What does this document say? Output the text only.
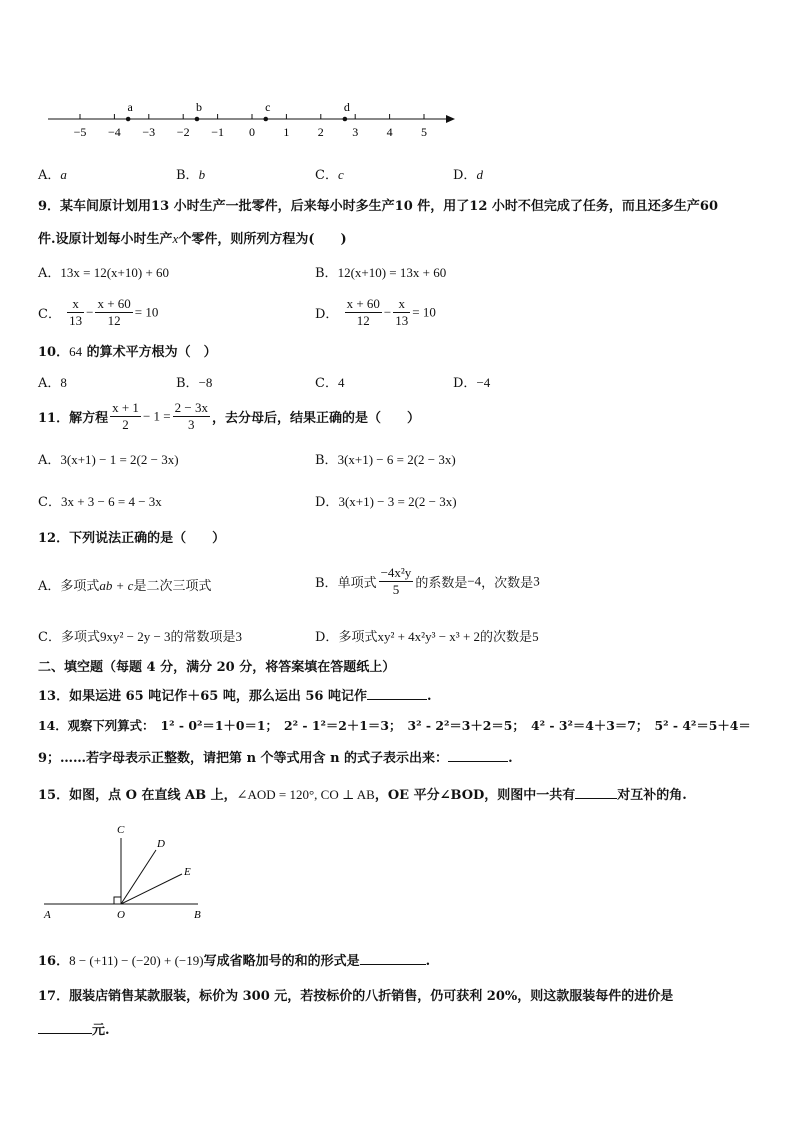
−5 −4 −3 −2 −1 0 1 2 3 4 5
a	b	c	d
A．a	B．b	C．c	D．d
9．某车间原计划用13 小时生产一批零件，后来每小时多生产10 件，用了12 小时不但完成了任务，而且还多生产60
件.设原计划每小时生产x个零件，则所列方程为(　　)
A．13x = 12(x+10) + 60	B．12(x+10) = 13x + 60
C． $\frac{x}{13} - \frac{x + 60}{12} = 10$	D． $\frac{x + 60}{12} - \frac{x}{13} = 10$
10．64 的算术平方根为（　）
A．8	B．−8	C．4	D．−4
11．解方程 $\frac{x + 1}{2} - 1 = \frac{2 - 3x}{3}$ ，去分母后，结果正确的是（　　）
A．3(x+1) − 1 = 2(2 − 3x)	B．3(x+1) − 6 = 2(2 − 3x)
C．3x + 3 − 6 = 4 − 3x	D．3(x+1) − 3 = 2(2 − 3x)
12．下列说法正确的是（　　）
A．多项式ab + c是二次三项式	B．单项式 $\frac{\text{−4x²y}}{5}$ 的系数是−4，次数是3
C．多项式9xy² − 2y − 3的常数项是3	D．多项式xy² + 4x²y³ − x³ + 2的次数是5
二、填空题（每题 4 分，满分 20 分，将答案填在答题纸上）
13．如果运进 65 吨记作＋65 吨，那么运出 56 吨记作	.
14．观察下列算式：　1² - 0²＝1＋0＝1；　2² - 1²＝2＋1＝3；　3² - 2²＝3＋2＝5；　4² - 3²＝4＋3＝7；　5² - 4²＝5＋4＝
9；……若字母表示正整数，请把第 n 个等式用含 n 的式子表示出来：	.
15．如图，点 O 在直线 AB 上，∠AOD = 120°, CO ⊥ AB，OE 平分∠BOD，则图中一共有	对互补的角.
A	O	B
C
D
E
16．8 − (+11) − (−20) + (−19)写成省略加号的和的形式是	.
17．服装店销售某款服装，标价为 300 元，若按标价的八折销售，仍可获利 20%，则这款服装每件的进价是
元.
